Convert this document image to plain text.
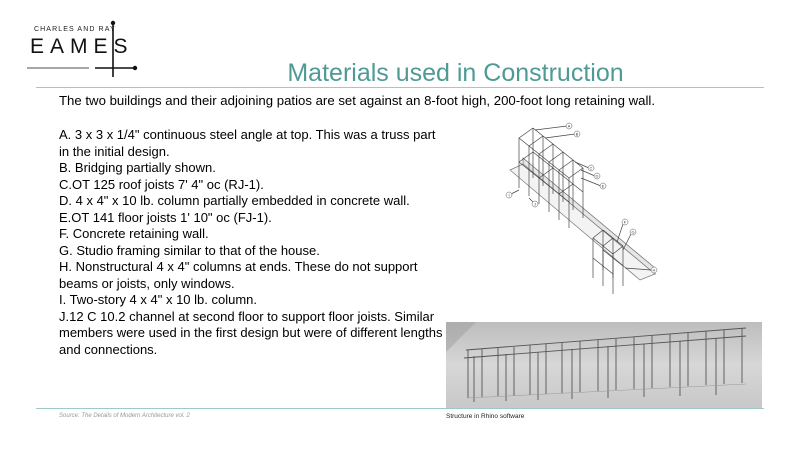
CHARLES AND RAY
EAMES
Materials used in Construction
The two buildings and their adjoining patios are set against an 8-foot high, 200-foot long retaining wall.
A. 3 x 3 x 1/4" continuous steel angle at top. This was a truss part in the initial design.
B. Bridging partially shown.
C.OT 125 roof joists 7' 4" oc (RJ-1).
D. 4 x 4" x 10 lb. column partially embedded in concrete wall.
E.OT 141 floor joists 1' 10" oc (FJ-1).
F. Concrete retaining wall.
G. Studio framing similar to that of the house.
H. Nonstructural 4 x 4" columns at ends. These do not support beams or joists, only windows.
I. Two-story 4 x 4" x 10 lb. column.
J.12 C 10.2 channel at second floor to support floor joists. Similar members were used in the first design but were of different lengths and connections.
A
B
C
D
E
I
J
F
G
H
Source: The Details of Modern Architecture vol. 2	Structure in Rhino software
